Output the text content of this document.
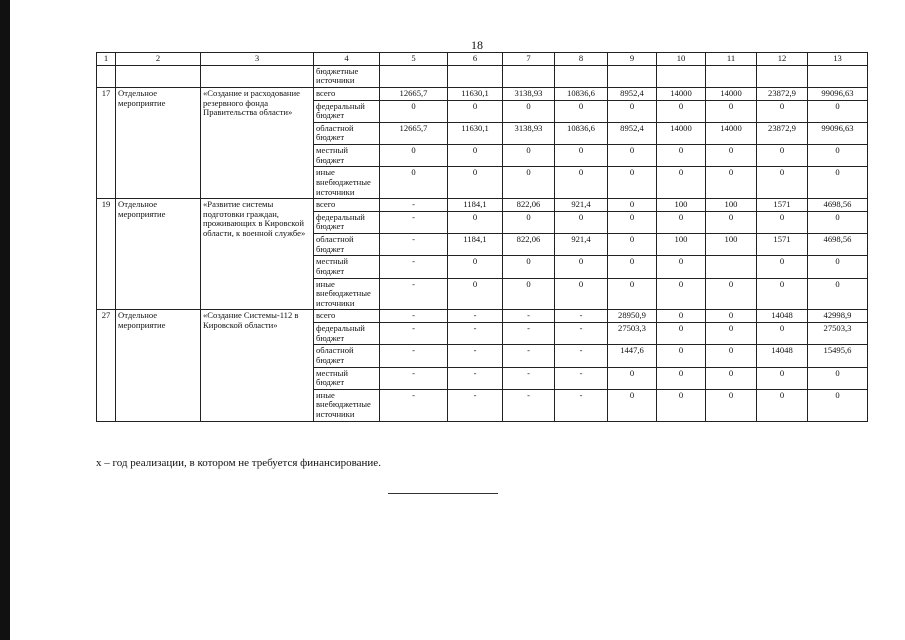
18
1	2	3	4	5	6	7	8	9	10	11	12	13
			бюджетные источники									
17	Отдельное мероприятие	«Создание и расходование резервного фонда Правительства области»	всего	12665,7	11630,1	3138,93	10836,6	8952,4	14000	14000	23872,9	99096,63
			федеральный бюджет	0	0	0	0	0	0	0	0	0
			областной бюджет	12665,7	11630,1	3138,93	10836,6	8952,4	14000	14000	23872,9	99096,63
			местный бюджет	0	0	0	0	0	0	0	0	0
			иные внебюджетные источники	0	0	0	0	0	0	0	0	0
19	Отдельное мероприятие	«Развитие системы подготовки граждан, проживающих в Кировской области, к военной службе»	всего	-	1184,1	822,06	921,4	0	100	100	1571	4698,56
			федеральный бюджет	-	0	0	0	0	0	0	0	0
			областной бюджет	-	1184,1	822,06	921,4	0	100	100	1571	4698,56
			местный бюджет	-	0	0	0	0	0		0	0
			иные внебюджетные источники	-	0	0	0	0	0	0	0	0
27	Отдельное мероприятие	«Создание Системы-112 в Кировской области»	всего	-	-	-	-	28950,9	0	0	14048	42998,9
			федеральный бюджет	-	-	-	-	27503,3	0	0	0	27503,3
			областной бюджет	-	-	-	-	1447,6	0	0	14048	15495,6
			местный бюджет	-	-	-	-	0	0	0	0	0
			иные внебюджетные источники	-	-	-	-	0	0	0	0	0
x – год реализации, в котором не требуется финансирование.
